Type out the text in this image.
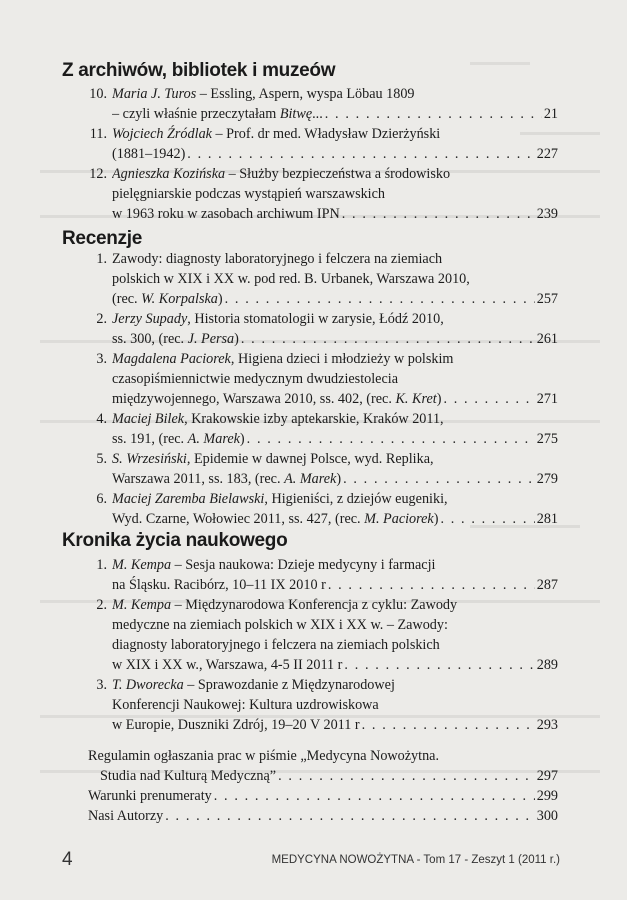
Z archiwów, bibliotek i muzeów
10. Maria J. Turos – Essling, Aspern, wyspa Löbau 1809
– czyli właśnie przeczytałam Bitwę... . . .	21
11. Wojciech Źródlak – Prof. dr med. Władysław Dzierżyński
(1881–1942) . . .	227
12. Agnieszka Kozińska – Służby bezpieczeństwa a środowisko
pielęgniarskie podczas wystąpień warszawskich
w 1963 roku w zasobach archiwum IPN . . .	239
Recenzje
1. Zawody: diagnosty laboratoryjnego i felczera na ziemiach
polskich w XIX i XX w. pod red. B. Urbanek, Warszawa 2010,
(rec. W. Korpalska) . . .	257
2. Jerzy Supady, Historia stomatologii w zarysie, Łódź 2010,
ss. 300, (rec. J. Persa) . . .	261
3. Magdalena Paciorek, Higiena dzieci i młodzieży w polskim
czasopiśmiennictwie medycznym dwudziestolecia
międzywojennego, Warszawa 2010, ss. 402, (rec. K. Kret) . . .	271
4. Maciej Bilek, Krakowskie izby aptekarskie, Kraków 2011,
ss. 191, (rec. A. Marek) . . .	275
5. S. Wrzesiński, Epidemie w dawnej Polsce, wyd. Replika,
Warszawa 2011, ss. 183, (rec. A. Marek) . . .	279
6. Maciej Zaremba Bielawski, Higieniści, z dziejów eugeniki,
Wyd. Czarne, Wołowiec 2011, ss. 427, (rec. M. Paciorek) . . .	281
Kronika życia naukowego
1. M. Kempa – Sesja naukowa: Dzieje medycyny i farmacji
na Śląsku. Racibórz, 10–11 IX 2010 r . . .	287
2. M. Kempa – Międzynarodowa Konferencja z cyklu: Zawody
medyczne na ziemiach polskich w XIX i XX w. – Zawody:
diagnosty laboratoryjnego i felczera na ziemiach polskich
w XIX i XX w., Warszawa, 4-5 II 2011 r . . .	289
3. T. Dworecka – Sprawozdanie z Międzynarodowej
Konferencji Naukowej: Kultura uzdrowiskowa
w Europie, Duszniki Zdrój, 19–20 V 2011 r . . .	293
Regulamin ogłaszania prac w piśmie „Medycyna Nowożytna.
Studia nad Kulturą Medyczną” . . .	297
Warunki prenumeraty . . .	299
Nasi Autorzy . . .	300
4	MEDYCYNA NOWOŻYTNA - Tom 17 - Zeszyt 1 (2011 r.)
